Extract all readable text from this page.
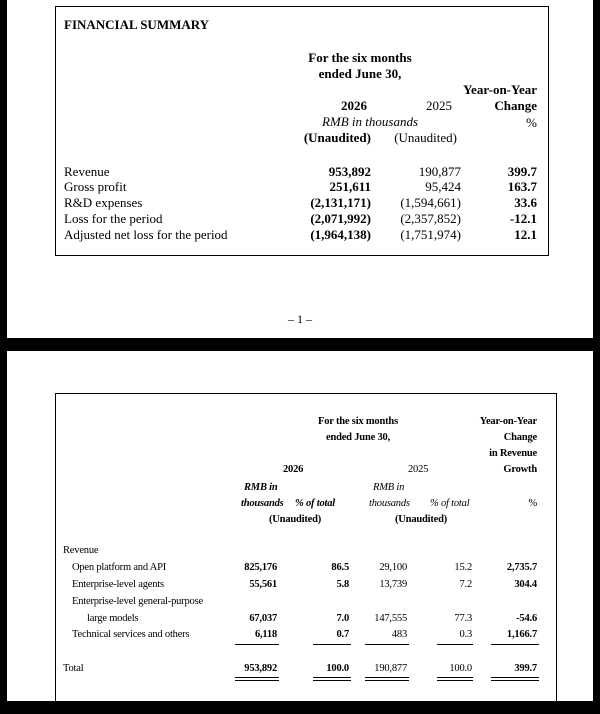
FINANCIAL SUMMARY
For the six months
ended June 30,
Year-on-Year
Change
%
2026	2025
RMB in thousands
(Unaudited)	(Unaudited)
Revenue	953,892	190,877	399.7
Gross profit	251,611	95,424	163.7
R&D expenses	(2,131,171)	(1,594,661)	33.6
Loss for the period	(2,071,992)	(2,357,852)	-12.1
Adjusted net loss for the period	(1,964,138)	(1,751,974)	12.1
– 1 –
For the six months
ended June 30,
Year-on-Year
Change
in Revenue
Growth
%
2026	2025
RMB in
thousands % of total
RMB in
thousands % of total
(Unaudited)	(Unaudited)
Revenue
Open platform and API	825,176	86.5	29,100	15.2	2,735.7
Enterprise-level agents	55,561	5.8	13,739	7.2	304.4
Enterprise-level general-purpose
large models	67,037	7.0	147,555	77.3	-54.6
Technical services and others	6,118	0.7	483	0.3	1,166.7
Total	953,892	100.0	190,877	100.0	399.7
